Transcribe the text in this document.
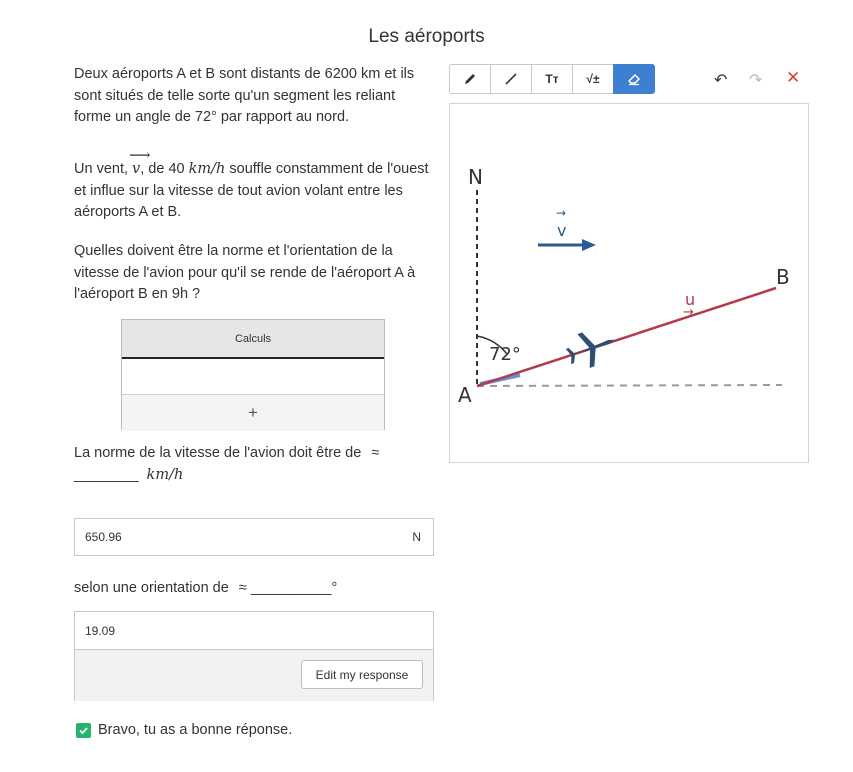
Les aéroports
Deux aéroports A et B sont distants de 6200 km et ils sont situés de telle sorte qu'un segment les reliant forme un angle de 72° par rapport au nord.
Un vent,
⟶
v, de 40 km/h souffle constamment de l'ouest et influe sur la vitesse de tout avion volant entre les aéroports A et B.
Quelles doivent être la norme et l'orientation de la vitesse de l'avion pour qu'il se rende de l'aéroport A à l'aéroport B en 9h ?
Calculs
+
La norme de la vitesse de l'avion doit être de ≈
________ km/h
650.96	N
selon une orientation de ≈ __________°
19.09
Edit my response
Bravo, tu as a bonne réponse.
Tт	√±	↶ ↷ ✕
N
72°
→
u
→
v
A
B
